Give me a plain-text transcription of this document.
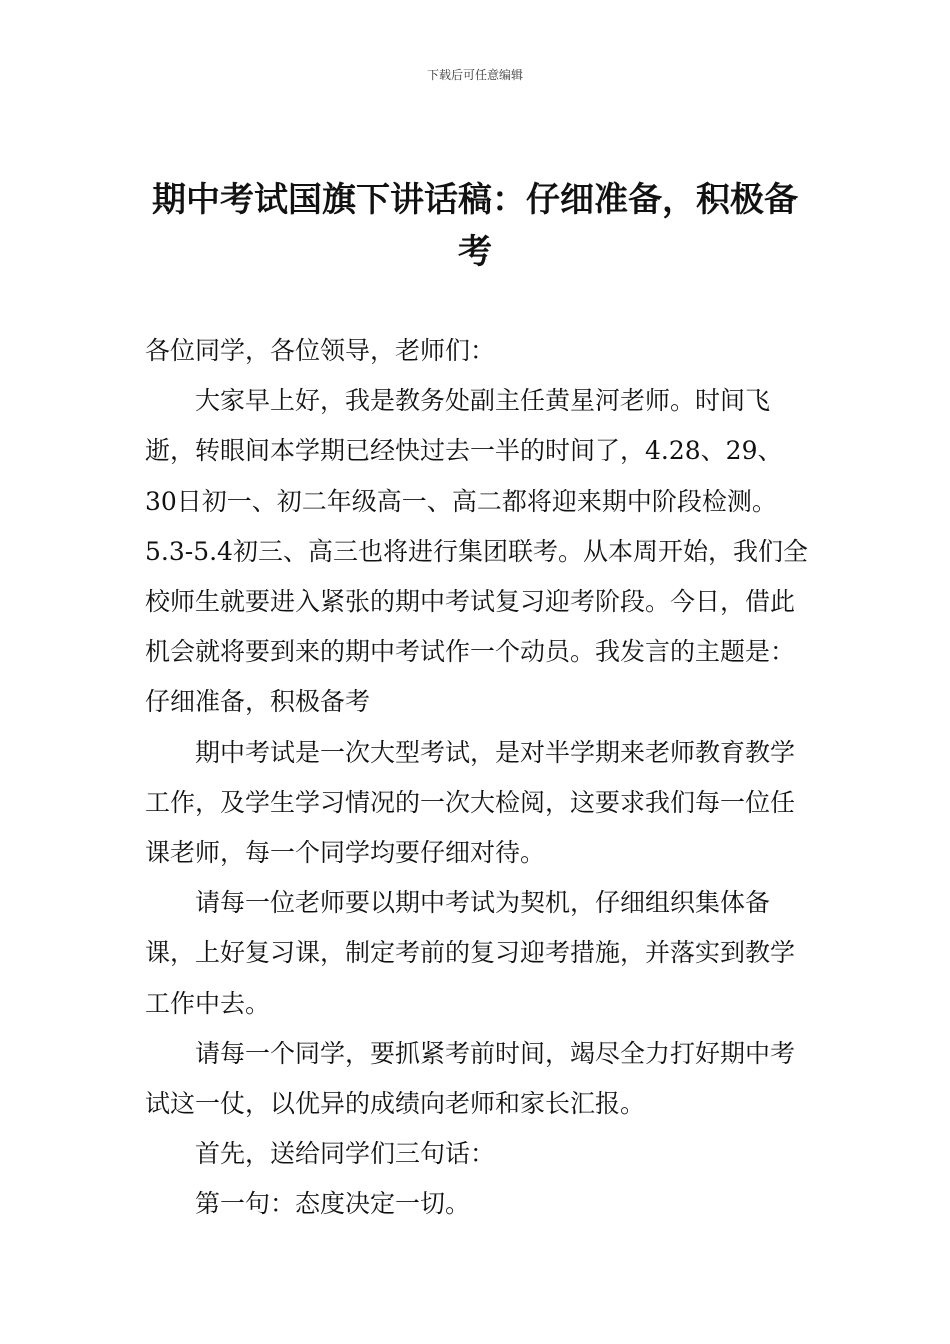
下载后可任意编辑
期中考试国旗下讲话稿：仔细准备，积极备考

各位同学，各位领导，老师们：

大家早上好，我是教务处副主任黄星河老师。时间飞逝，转眼间本学期已经快过去一半的时间了，4.28、29、30日初一、初二年级高一、高二都将迎来期中阶段检测。5.3-5.4初三、高三也将进行集团联考。从本周开始，我们全校师生就要进入紧张的期中考试复习迎考阶段。今日，借此机会就将要到来的期中考试作一个动员。我发言的主题是：仔细准备，积极备考

期中考试是一次大型考试，是对半学期来老师教育教学工作，及学生学习情况的一次大检阅，这要求我们每一位任课老师，每一个同学均要仔细对待。

请每一位老师要以期中考试为契机，仔细组织集体备课，上好复习课，制定考前的复习迎考措施，并落实到教学工作中去。

请每一个同学，要抓紧考前时间，竭尽全力打好期中考试这一仗，以优异的成绩向老师和家长汇报。

首先，送给同学们三句话：

第一句：态度决定一切。
